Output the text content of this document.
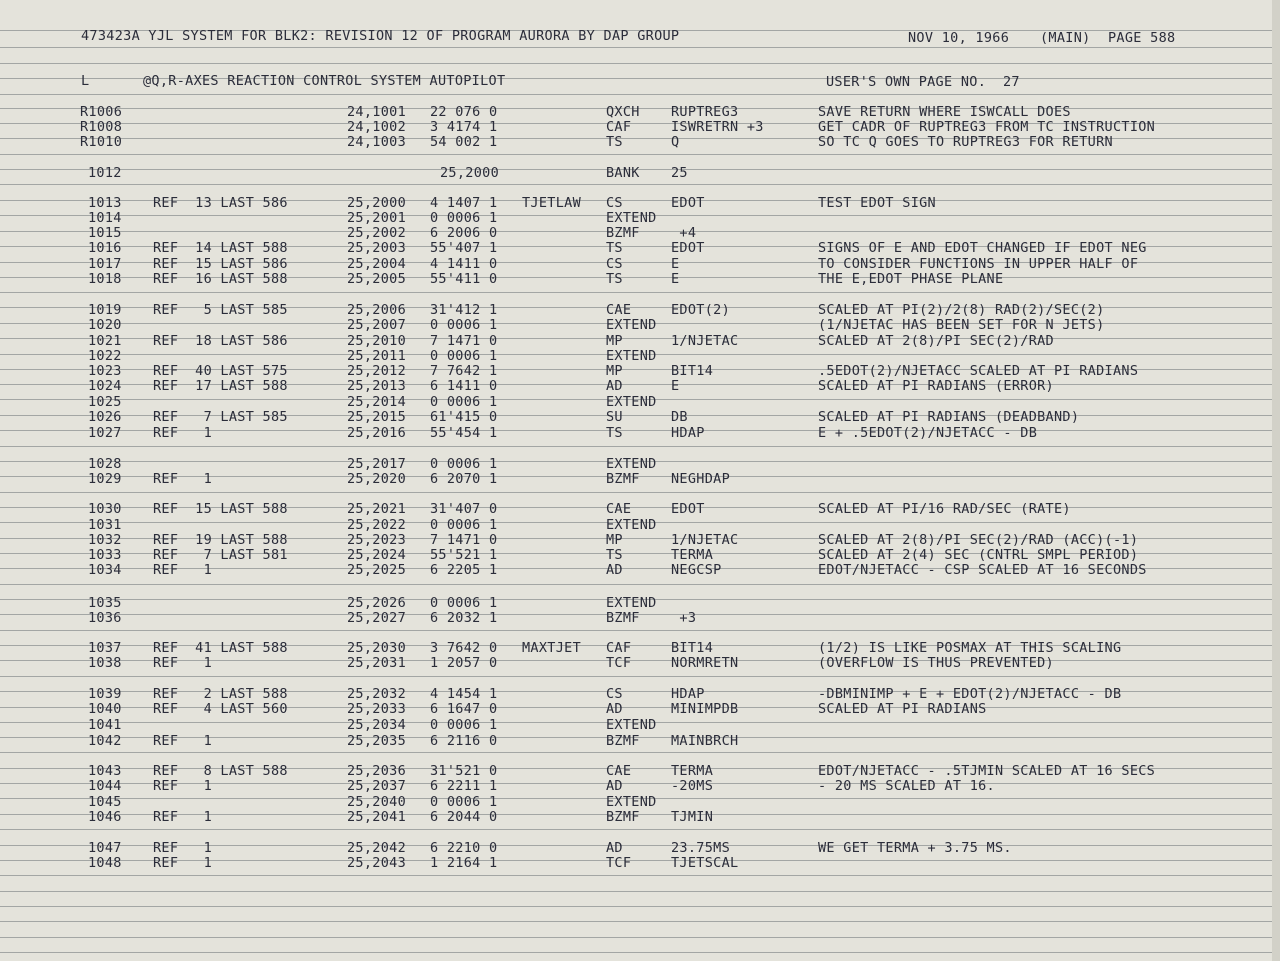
473423A YJL SYSTEM FOR BLK2: REVISION 12 OF PROGRAM AURORA BY DAP GROUP	NOV 10, 1966 (MAIN) PAGE 588
L	@Q,R-AXES REACTION CONTROL SYSTEM AUTOPILOT	USER'S OWN PAGE NO.  27
R1006	24,1001 22 076 0	QXCH RUPTREG3	SAVE RETURN WHERE ISWCALL DOES
R1008	24,1002 3 4174 1	CAF	ISWRETRN +3	GET CADR OF RUPTREG3 FROM TC INSTRUCTION
R1010	24,1003 54 002 1	TS	Q	SO TC Q GOES TO RUPTREG3 FOR RETURN
1012	25,2000	BANK 25
1013 REF  13 LAST 586	25,2000 4 1407 1 TJETLAW CS	EDOT	TEST EDOT SIGN
1014	25,2001 0 0006 1	EXTEND
1015	25,2002 6 2006 0	BZMF +4
1016 REF  14 LAST 588	25,2003 55'407 1	TS	EDOT	SIGNS OF E AND EDOT CHANGED IF EDOT NEG
1017 REF  15 LAST 586	25,2004 4 1411 0	CS	E	TO CONSIDER FUNCTIONS IN UPPER HALF OF
1018 REF  16 LAST 588	25,2005 55'411 0	TS	E	THE E,EDOT PHASE PLANE
1019 REF   5 LAST 585	25,2006 31'412 1	CAE	EDOT(2)	SCALED AT PI(2)/2(8) RAD(2)/SEC(2)
1020	25,2007 0 0006 1	EXTEND	(1/NJETAC HAS BEEN SET FOR N JETS)
1021 REF  18 LAST 586	25,2010 7 1471 0	MP	1/NJETAC	SCALED AT 2(8)/PI SEC(2)/RAD
1022	25,2011 0 0006 1	EXTEND
1023 REF  40 LAST 575	25,2012 7 7642 1	MP	BIT14	.5EDOT(2)/NJETACC SCALED AT PI RADIANS
1024 REF  17 LAST 588	25,2013 6 1411 0	AD	E	SCALED AT PI RADIANS (ERROR)
1025	25,2014 0 0006 1	EXTEND
1026 REF   7 LAST 585	25,2015 61'415 0	SU	DB	SCALED AT PI RADIANS (DEADBAND)
1027 REF   1	25,2016 55'454 1	TS	HDAP	E + .5EDOT(2)/NJETACC - DB
1028	25,2017 0 0006 1	EXTEND
1029 REF   1	25,2020 6 2070 1	BZMF NEGHDAP
1030 REF  15 LAST 588	25,2021 31'407 0	CAE	EDOT	SCALED AT PI/16 RAD/SEC (RATE)
1031	25,2022 0 0006 1	EXTEND
1032 REF  19 LAST 588	25,2023 7 1471 0	MP	1/NJETAC	SCALED AT 2(8)/PI SEC(2)/RAD (ACC)(-1)
1033 REF   7 LAST 581	25,2024 55'521 1	TS	TERMA	SCALED AT 2(4) SEC (CNTRL SMPL PERIOD)
1034 REF   1	25,2025 6 2205 1	AD	NEGCSP	EDOT/NJETACC - CSP SCALED AT 16 SECONDS
1035	25,2026 0 0006 1	EXTEND
1036	25,2027 6 2032 1	BZMF +3
1037 REF  41 LAST 588	25,2030 3 7642 0 MAXTJET CAF	BIT14	(1/2) IS LIKE POSMAX AT THIS SCALING
1038 REF   1	25,2031 1 2057 0	TCF	NORMRETN	(OVERFLOW IS THUS PREVENTED)
1039 REF   2 LAST 588	25,2032 4 1454 1	CS	HDAP	-DBMINIMP + E + EDOT(2)/NJETACC - DB
1040 REF   4 LAST 560	25,2033 6 1647 0	AD	MINIMPDB	SCALED AT PI RADIANS
1041	25,2034 0 0006 1	EXTEND
1042 REF   1	25,2035 6 2116 0	BZMF MAINBRCH
1043 REF   8 LAST 588	25,2036 31'521 0	CAE	TERMA	EDOT/NJETACC - .5TJMIN SCALED AT 16 SECS
1044 REF   1	25,2037 6 2211 1	AD	-20MS	- 20 MS SCALED AT 16.
1045	25,2040 0 0006 1	EXTEND
1046 REF   1	25,2041 6 2044 0	BZMF TJMIN
1047 REF   1	25,2042 6 2210 0	AD	23.75MS	WE GET TERMA + 3.75 MS.
1048 REF   1	25,2043 1 2164 1	TCF	TJETSCAL
